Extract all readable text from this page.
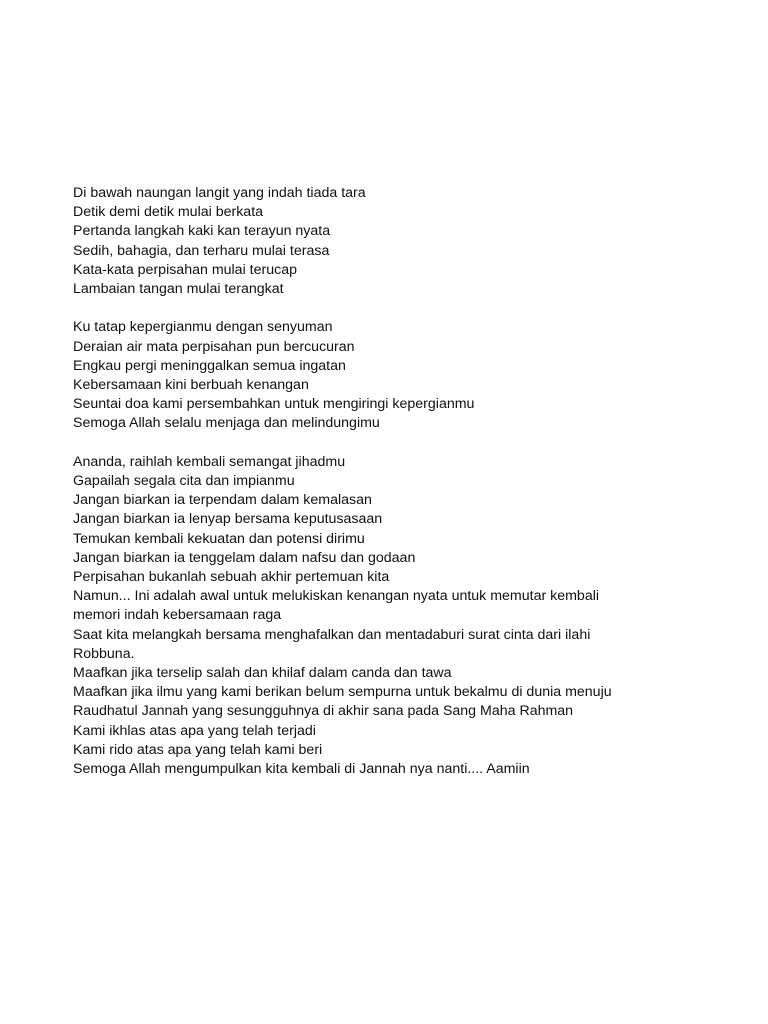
Di bawah naungan langit yang indah tiada tara
Detik demi detik mulai berkata
Pertanda langkah kaki kan terayun nyata
Sedih, bahagia, dan terharu mulai terasa
Kata-kata perpisahan mulai terucap
Lambaian tangan mulai terangkat
Ku tatap kepergianmu dengan senyuman
Deraian air mata perpisahan pun bercucuran
Engkau pergi meninggalkan semua ingatan
Kebersamaan kini berbuah kenangan
Seuntai doa kami persembahkan untuk mengiringi kepergianmu
Semoga Allah selalu menjaga dan melindungimu
Ananda, raihlah kembali semangat jihadmu
Gapailah segala cita dan impianmu
Jangan biarkan ia terpendam dalam kemalasan
Jangan biarkan ia lenyap bersama keputusasaan
Temukan kembali kekuatan dan potensi dirimu
Jangan biarkan ia tenggelam dalam nafsu dan godaan
Perpisahan bukanlah sebuah akhir pertemuan kita
Namun... Ini adalah awal untuk melukiskan kenangan nyata untuk memutar kembali
memori indah kebersamaan raga
Saat kita melangkah bersama menghafalkan dan mentadaburi surat cinta dari ilahi
Robbuna.
Maafkan jika terselip salah dan khilaf dalam canda dan tawa
Maafkan jika ilmu yang kami berikan belum sempurna untuk bekalmu di dunia menuju
Raudhatul Jannah yang sesungguhnya di akhir sana pada Sang Maha Rahman
Kami ikhlas atas apa yang telah terjadi
Kami rido atas apa yang telah kami beri
Semoga Allah mengumpulkan kita kembali di Jannah nya nanti.... Aamiin
